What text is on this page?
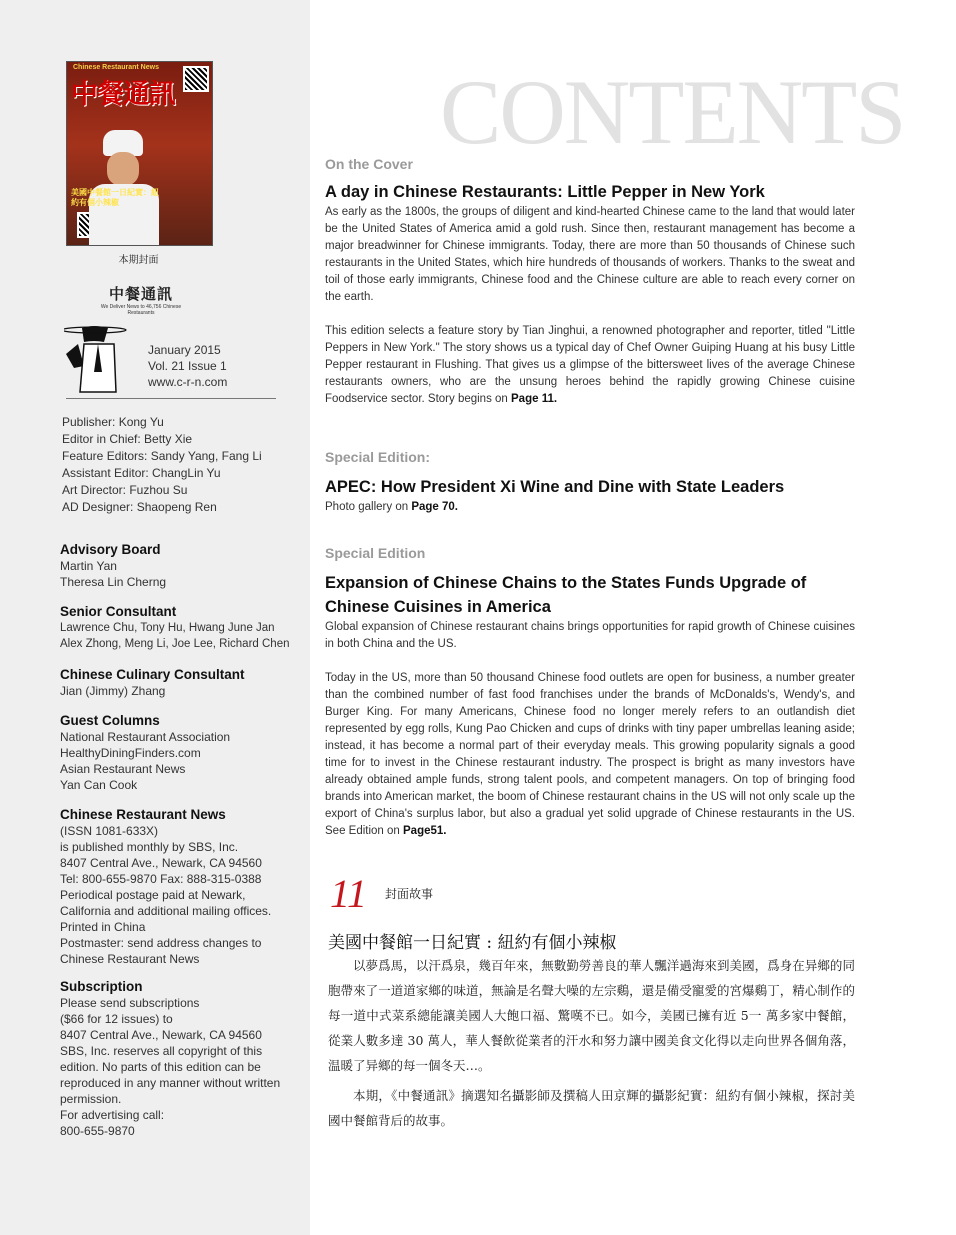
Chinese Restaurant News
中餐通訊
美國中餐館一日紀實：紐約有個小辣椒
本期封面
中餐通訊
We Deliver News to 46,756 Chinese Restaurants
January 2015
Vol. 21 Issue 1
www.c-r-n.com
Publisher: Kong Yu
Editor in Chief: Betty Xie
Feature Editors: Sandy Yang, Fang Li
Assistant Editor: ChangLin Yu
Art Director: Fuzhou Su
AD Designer: Shaopeng Ren
Advisory Board
Martin Yan
Theresa Lin Cherng
Senior Consultant
Lawrence Chu, Tony Hu, Hwang June Jan
Alex Zhong, Meng Li, Joe Lee, Richard Chen
Chinese Culinary Consultant
Jian (Jimmy) Zhang
Guest Columns
National Restaurant Association
HealthyDiningFinders.com
Asian Restaurant News
Yan Can Cook
Chinese Restaurant News
(ISSN 1081-633X)
is published monthly by SBS, Inc.
8407 Central Ave., Newark, CA 94560
Tel: 800-655-9870 Fax: 888-315-0388
Periodical postage paid at Newark,
California and additional mailing offices.
Printed in China
Postmaster: send address changes to
Chinese Restaurant News
Subscription
Please send subscriptions
($66 for 12 issues) to
8407 Central Ave., Newark, CA 94560
SBS, Inc. reserves all copyright of this
edition. No parts of this edition can be
reproduced in any manner without written
permission.
For advertising call:
800-655-9870
CONTENTS
On the Cover
A day in Chinese Restaurants: Little Pepper in New York
As early as the 1800s, the groups of diligent and kind-hearted Chinese came to the land that would later be the United States of America amid a gold rush. Since then, restaurant management has become a major breadwinner for Chinese immigrants. Today, there are more than 50 thousands of Chinese such restaurants in the United States, which hire hundreds of thousands of workers. Thanks to the sweat and toil of those early immigrants, Chinese food and the Chinese culture are able to reach every corner on the earth.
This edition selects a feature story by Tian Jinghui, a renowned photographer and reporter, titled "Little Peppers in New York." The story shows us a typical day of Chef Owner Guiping Huang at his busy Little Pepper restaurant in Flushing. That gives us a glimpse of the bittersweet lives of the average Chinese restaurants owners, who are the unsung heroes behind the rapidly growing Chinese cuisine Foodservice sector. Story begins on Page 11.
Special Edition:
APEC: How President Xi Wine and Dine with State Leaders
Photo gallery on Page 70.
Special Edition
Expansion of Chinese Chains to the States Funds Upgrade of Chinese Cuisines in America
Global expansion of Chinese restaurant chains brings opportunities for rapid growth of Chinese cuisines in both China and the US.
Today in the US, more than 50 thousand Chinese food outlets are open for business, a number greater than the combined number of fast food franchises under the brands of McDonalds's, Wendy's, and Burger King. For many Americans, Chinese food no longer merely refers to an outlandish diet represented by egg rolls, Kung Pao Chicken and cups of drinks with tiny paper umbrellas leaning aside; instead, it has become a normal part of their everyday meals. This growing popularity signals a good time for to invest in the Chinese restaurant industry. The prospect is bright as many investors have already obtained ample funds, strong talent pools, and competent managers. On top of bringing food brands into American market, the boom of Chinese restaurant chains in the US will not only scale up the export of China's surplus labor, but also a gradual yet solid upgrade of Chinese restaurants in the US. See Edition on Page51.
11 封面故事
美國中餐館一日紀實 : 紐約有個小辣椒
以夢爲馬，以汗爲泉，幾百年來，無數勤勞善良的華人飄洋過海來到美國，爲身在异鄉的同胞帶來了一道道家鄉的味道，無論是名聲大噪的左宗鷄，還是備受寵愛的宮爆鷄丁，精心制作的每一道中式菜系總能讓美國人大飽口福、驚嘆不已。如今，美國已擁有近 5一 萬多家中餐館，從業人數多達 30 萬人，華人餐飲從業者的汗水和努力讓中國美食文化得以走向世界各個角落，温暖了异鄉的每一個冬天…。
本期，《中餐通訊》摘選知名攝影師及撰稿人田京輝的攝影紀實：紐約有個小辣椒，探討美國中餐館背后的故事。
